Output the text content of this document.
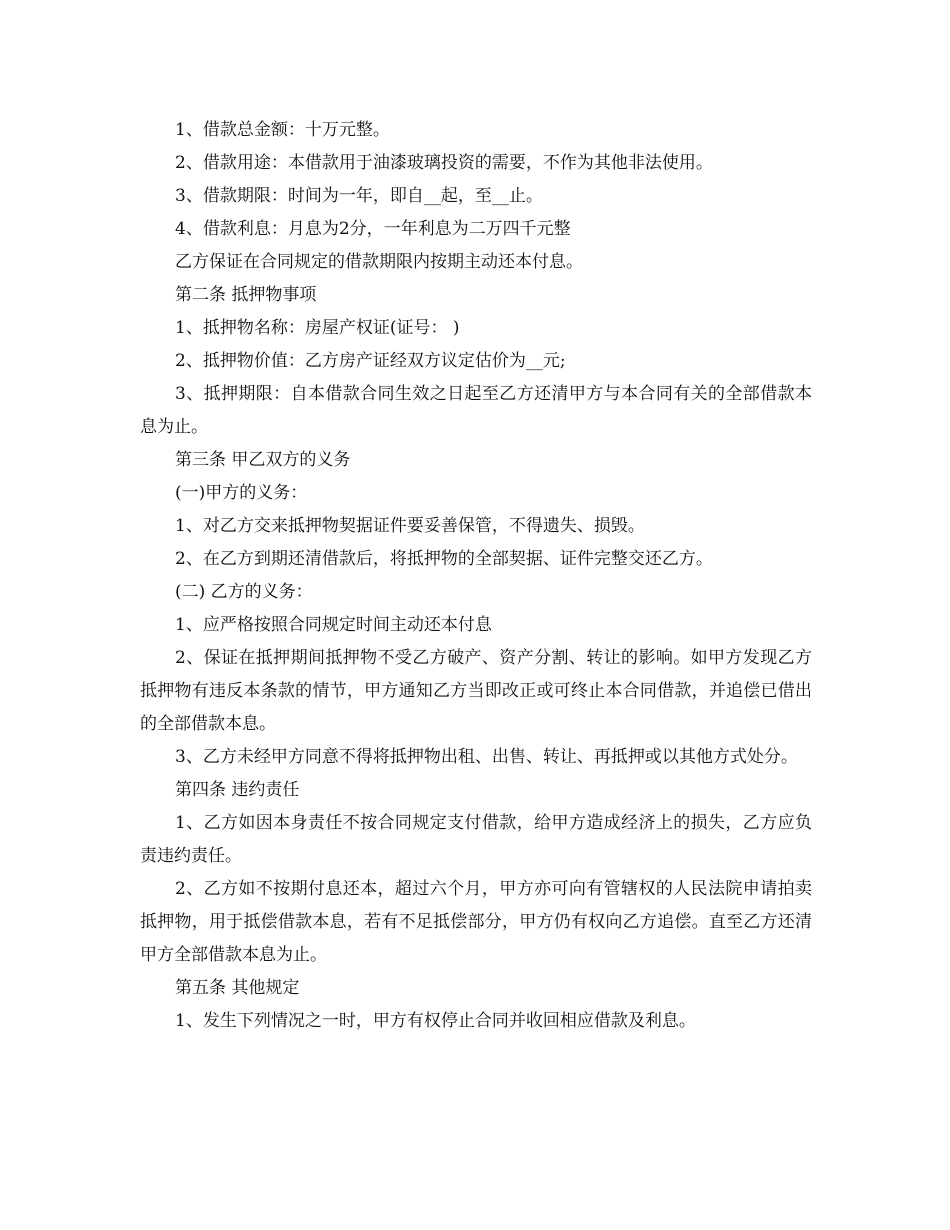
1、借款总金额：十万元整。

2、借款用途：本借款用于油漆玻璃投资的需要，不作为其他非法使用。

3、借款期限：时间为一年，即自__起，至__止。

4、借款利息：月息为2分，一年利息为二万四千元整

乙方保证在合同规定的借款期限内按期主动还本付息。

第二条 抵押物事项

1、抵押物名称：房屋产权证(证号： )

2、抵押物价值：乙方房产证经双方议定估价为__元;

3、抵押期限：自本借款合同生效之日起至乙方还清甲方与本合同有关的全部借款本息为止。

第三条 甲乙双方的义务

(一)甲方的义务：

1、对乙方交来抵押物契据证件要妥善保管，不得遗失、损毁。

2、在乙方到期还清借款后，将抵押物的全部契据、证件完整交还乙方。

(二) 乙方的义务：

1、应严格按照合同规定时间主动还本付息

2、保证在抵押期间抵押物不受乙方破产、资产分割、转让的影响。如甲方发现乙方抵押物有违反本条款的情节，甲方通知乙方当即改正或可终止本合同借款，并追偿已借出的全部借款本息。

3、乙方未经甲方同意不得将抵押物出租、出售、转让、再抵押或以其他方式处分。

第四条 违约责任

1、乙方如因本身责任不按合同规定支付借款，给甲方造成经济上的损失，乙方应负责违约责任。

2、乙方如不按期付息还本，超过六个月，甲方亦可向有管辖权的人民法院申请拍卖抵押物，用于抵偿借款本息，若有不足抵偿部分，甲方仍有权向乙方追偿。直至乙方还清甲方全部借款本息为止。

第五条 其他规定

1、发生下列情况之一时，甲方有权停止合同并收回相应借款及利息。
